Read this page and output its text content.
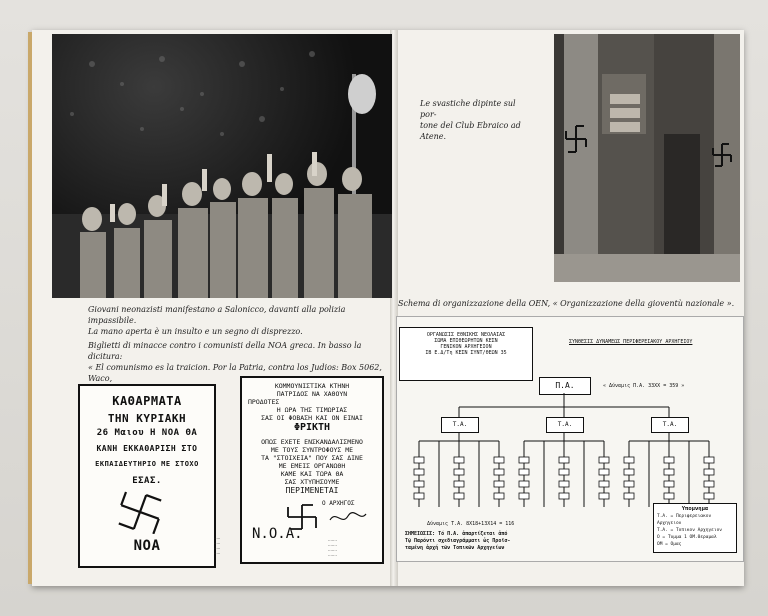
Giovani neonazisti manifestano a Salonicco, davanti alla polizia impassibile.
La mano aperta è un insulto e un segno di disprezzo.
Biglietti di minacce contro i comunisti della NOA greca. In basso la dicitura:
« El comunismo es la traicion. Por la Patria, contra los Judios: Box 5062, Waco,
ΚΑΘΑΡΜΑΤΑ
ΤΗΝ ΚΥΡΙΑΚΗ
26 Μαιου Η ΝΟΑ ΘΑ
ΚΑΝΗ ΕΚΚΑΘΑΡΙΣΗ ΣΤΟ
ΕΚΠΑΙΔΕΥΤΗΡΙΟ ΜΕ ΣΤΟΧΟ
ΕΣΑΣ.
ΝΟΑ	·····
·····
·····
·····
ΚΟΜΜΟΥΝΙΣΤΙΚΑ ΚΤΗΝΗ
ΠΑΤΡΙΔΟΣ ΝΑ ΧΑΘΟΥΝ
ΠΡΟΔΟΤΕΣ
Η ΩΡΑ ΤΗΣ ΤΙΜΩΡΙΑΣ
ΣΑΣ ΟΙ ΦΟΒΑΣΗ ΚΑΙ ΟΝ ΕΙΝΑΙ
ΦΡΙΚΤΗ
ΟΠΩΣ ΕΧΕΤΕ ΕΝΣΚΑΝΔΑΛΙΣΜΕΝΟ
ΜΕ ΤΟΥΣ ΣΥΝΤΡΟΦΟΥΣ ΜΕ
ΤΑ "ΣΤΟΙΧΕΙΑ" ΠΟΥ ΣΑΣ ΔΙΝΕ
ΜΕ ΕΜΕΙΣ ΟΡΓΑΝΩΘΗ
ΚΑΜΕ ΚΑΙ ΤΩΡΑ ΘΑ
ΣΑΣ ΧΤΥΠΗΣΟΥΜΕ
ΠΕΡΙΜΕΝΕΤΑΙ
Ο ΑΡΧΗΓΟΣ
Ν.Ο.Α.	·······
·······
·······
·······
Le svastiche dipinte sul por-
tone del Club Ebraico ad
Atene.
Schema di organizzazione della OEN, « Organizzazione della gioventù nazionale ».
ΟΡΓΑΝΩΣΙΣ ΕΘΝΙΚΗΣ ΝΕΟΛΑΙΑΣ
ΣΩΜΑ ΕΠΙΘΕΩΡΗΤΩΝ ΚΕΣΝ
ΓΕΝΙΚΟΝ ΑΡΧΗΓΕΙΟΝ
ΙΒ Ε.Δ/Τη ΚΕΣΝ ΣΥΝΤ/ΘΕΩΝ 35
ΣΥΝΘΕΣΙΣ ΔΥΝΑΜΕΩΣ ΠΕΡΙΦΕΡΕΙΑΚΟΥ ΑΡΧΗΓΕΙΟΥ
Π.Α.	« Δύναμις Π.Α. 33ΧΧ = 359 »
Τ.Α.	Τ.Α.	Τ.Α.
Δύναμις Τ.Α. 8Χ18+13Χ14 = 116
ΣΗΜΕΙΩΣΙΣ: Τό Π.Α. ἀπαρτίζεται ἀπό
Τῷ Παρόντι σχεδιαγράμματι ὡς Προϊσ-
ταμένη ἀρχή τῶν Τοπικῶν Αρχηγείων
Υπομνημα
Τ.Α. = Περιφερειακον Αρχηγειον
Τ.Α. = Τοπικον Αρχηγειον
Ο = Τυμμα 1 ΟΜ.Θεραμαλ
ΟΜ = Ομας
